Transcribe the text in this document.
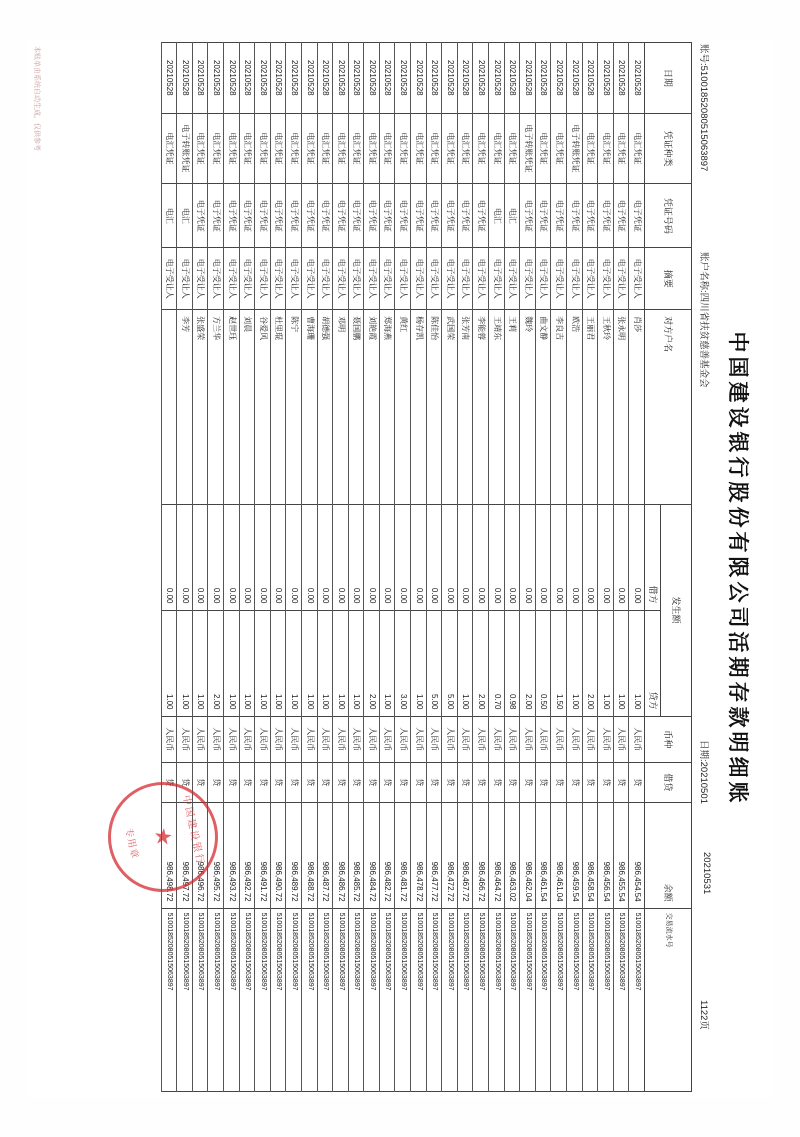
中国建设银行股份有限公司活期存款明细账
账号:51001852080515063897
账户名称:四川省扶贫慈善基金会
日期:20210501
20210531
1122页
日期	凭证种类	凭证号码	摘要	对方户名	发生额		币种	借贷	余额	交易流水号
					借方	贷方				
20210528	电汇凭证	电子凭证	电子受让人	肖莎	0.00	1.00	人民币	贷	986,454.54	51001852080515063897
20210528	电汇凭证	电子凭证	电子受让人	张永明	0.00	1.00	人民币	贷	986,455.54	51001852080515063897
20210528	电汇凭证	电子凭证	电子受让人	王秋玲	0.00	1.00	人民币	贷	986,456.54	51001852080515063897
20210528	电汇凭证	电子凭证	电子受让人	王丽君	0.00	2.00	人民币	贷	986,458.54	51001852080515063897
20210528	电子转账凭证	电子凭证	电子受让人	欧浩	0.00	1.00	人民币	贷	986,459.54	51001852080515063897
20210528	电汇凭证	电子凭证	电子受让人	李良吉	0.00	1.50	人民币	贷	986,461.04	51001852080515063897
20210528	电汇凭证	电子凭证	电子受让人	曲文静	0.00	0.50	人民币	贷	986,461.54	51001852080515063897
20210528	电子转账凭证	电子凭证	电子受让人	魏玲	0.00	2.00	人民币	贷	986,462.04	51001852080515063897
20210528	电汇凭证	电汇	电子受让人	王莉	0.00	0.98	人民币	贷	986,463.02	51001852080515063897
20210528	电汇凭证	电汇	电子受让人	王靖东	0.00	0.70	人民币	贷	986,464.72	51001852080515063897
20210528	电汇凭证	电子凭证	电子受让人	李能蓉	0.00	2.00	人民币	贷	986,466.72	51001852080515063897
20210528	电汇凭证	电子凭证	电子受让人	张芳南	0.00	1.00	人民币	贷	986,467.72	51001852080515063897
20210528	电汇凭证	电子凭证	电子受让人	武国荣	0.00	5.00	人民币	贷	986,472.72	51001852080515063897
20210528	电汇凭证	电子凭证	电子受让人	陈佳怡	0.00	5.00	人民币	贷	986,477.72	51001852080515063897
20210528	电汇凭证	电子凭证	电子受让人	杨存凯	0.00	1.00	人民币	贷	986,478.72	51001852080515063897
20210528	电汇凭证	电子凭证	电子受让人	黄红	0.00	3.00	人民币	贷	986,481.72	51001852080515063897
20210528	电汇凭证	电子凭证	电子受让人	郑海燕	0.00	1.00	人民币	贷	986,482.72	51001852080515063897
20210528	电汇凭证	电子凭证	电子受让人	刘艳霞	0.00	2.00	人民币	贷	986,484.72	51001852080515063897
20210528	电汇凭证	电子凭证	电子受让人	聂国鹏	0.00	1.00	人民币	贷	986,485.72	51001852080515063897
20210528	电汇凭证	电子凭证	电子受让人	邓明	0.00	1.00	人民币	贷	986,486.72	51001852080515063897
20210528	电汇凭证	电子凭证	电子受让人	胡德强	0.00	1.00	人民币	贷	986,487.72	51001852080515063897
20210528	电汇凭证	电子凭证	电子受让人	曹海珊	0.00	1.00	人民币	贷	986,488.72	51001852080515063897
20210528	电汇凭证	电子凭证	电子受让人	陈宁	0.00	1.00	人民币	贷	986,489.72	51001852080515063897
20210528	电汇凭证	电子凭证	电子受让人	杜里琨	0.00	1.00	人民币	贷	986,490.72	51001852080515063897
20210528	电汇凭证	电子凭证	电子受让人	谷爱风	0.00	1.00	人民币	贷	986,491.72	51001852080515063897
20210528	电汇凭证	电子凭证	电子受让人	刘晨	0.00	1.00	人民币	贷	986,492.72	51001852080515063897
20210528	电汇凭证	电子凭证	电子受让人	赵世珏	0.00	1.00	人民币	贷	986,493.72	51001852080515063897
20210528	电汇凭证	电子凭证	电子受让人	方兰华	0.00	2.00	人民币	贷	986,495.72	51001852080515063897
20210528	电汇凭证	电子凭证	电子受让人	张盛荣	0.00	1.00	人民币	贷	986,496.72	51001852080515063897
20210528	电子转账凭证	电汇	电子受让人	李芳	0.00	1.00	人民币	贷	986,497.72	51001852080515063897
20210528	电汇凭证	电汇	电子受让人		0.00	1.00	人民币	贷	986,498.72	51001852080515063897
中国建设银行
★
专用章
本账单由系统自动生成，仅供参考
